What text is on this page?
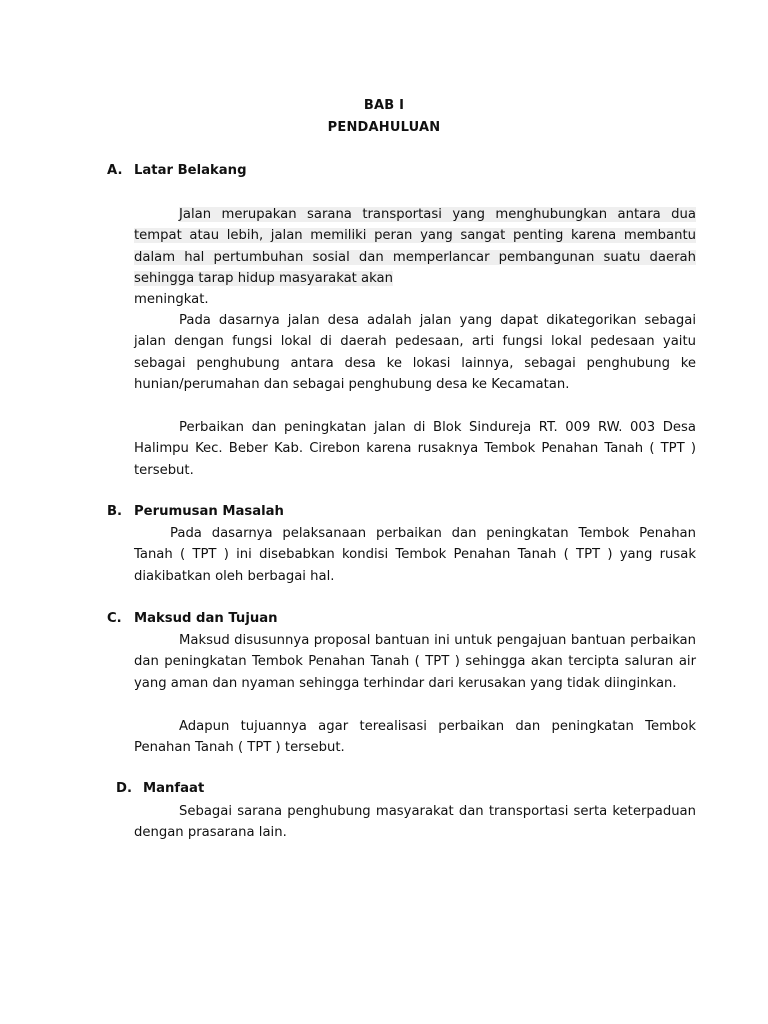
BAB I
PENDAHULUAN
A. Latar Belakang

Jalan merupakan sarana transportasi yang menghubungkan antara dua tempat atau lebih, jalan memiliki peran yang sangat penting karena membantu dalam hal pertumbuhan sosial dan memperlancar pembangunan suatu daerah sehingga tarap hidup masyarakat akan

meningkat.

Pada dasarnya jalan desa adalah jalan yang dapat dikategorikan sebagai jalan dengan fungsi lokal di daerah pedesaan, arti fungsi lokal pedesaan yaitu sebagai penghubung antara desa ke lokasi lainnya, sebagai penghubung ke hunian/perumahan dan sebagai penghubung desa ke Kecamatan.

Perbaikan dan peningkatan jalan di Blok Sindureja RT. 009 RW. 003 Desa Halimpu Kec. Beber Kab. Cirebon karena rusaknya Tembok Penahan Tanah ( TPT ) tersebut.

B. Perumusan Masalah

Pada dasarnya pelaksanaan perbaikan dan peningkatan Tembok Penahan Tanah ( TPT ) ini disebabkan kondisi Tembok Penahan Tanah ( TPT ) yang rusak diakibatkan oleh berbagai hal.

C. Maksud dan Tujuan

Maksud disusunnya proposal bantuan ini untuk pengajuan bantuan perbaikan dan peningkatan Tembok Penahan Tanah ( TPT ) sehingga akan tercipta saluran air yang aman dan nyaman sehingga terhindar dari kerusakan yang tidak diinginkan.

Adapun tujuannya agar terealisasi perbaikan dan peningkatan Tembok Penahan Tanah ( TPT ) tersebut.

D. Manfaat

Sebagai sarana penghubung masyarakat dan transportasi serta keterpaduan dengan prasarana lain.
